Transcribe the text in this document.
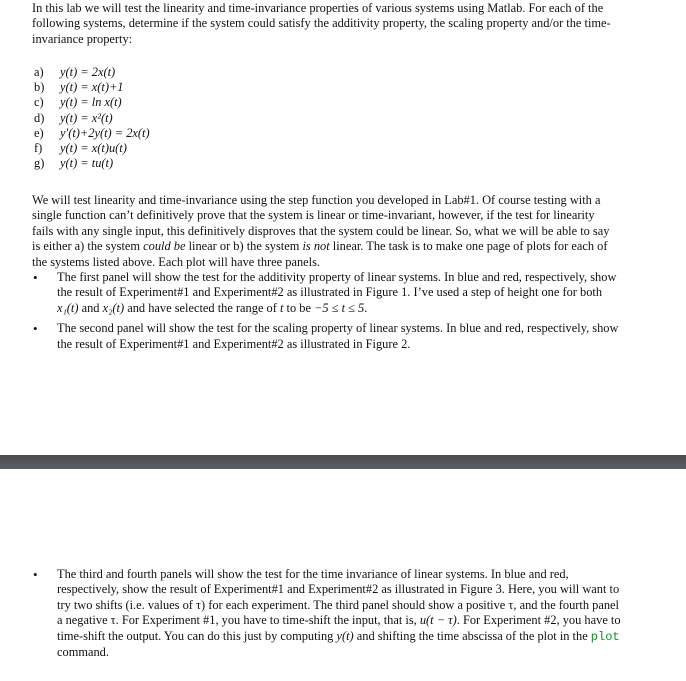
In this lab we will test the linearity and time-invariance properties of various systems using Matlab. For each of the following systems, determine if the system could satisfy the additivity property, the scaling property and/or the time-invariance property:

a) y(t) = 2x(t)
b) y(t) = x(t)+1
c) y(t) = ln x(t)
d) y(t) = x²(t)
e) y′(t)+2y(t) = 2x(t)
f) y(t) = x(t)u(t)
g) y(t) = tu(t)

We will test linearity and time-invariance using the step function you developed in Lab#1. Of course testing with a single function can’t definitively prove that the system is linear or time-invariant, however, if the test for linearity fails with any single input, this definitively disproves that the system could be linear. So, what we will be able to say is either a) the system could be linear or b) the system is not linear. The task is to make one page of plots for each of the systems listed above. Each plot will have three panels.

• The first panel will show the test for the additivity property of linear systems. In blue and red, respectively, show the result of Experiment#1 and Experiment#2 as illustrated in Figure 1. I’ve used a step of height one for both x₁(t) and x₂(t) and have selected the range of t to be −5 ≤ t ≤ 5.
• The second panel will show the test for the scaling property of linear systems. In blue and red, respectively, show the result of Experiment#1 and Experiment#2 as illustrated in Figure 2.
• The third and fourth panels will show the test for the time invariance of linear systems. In blue and red, respectively, show the result of Experiment#1 and Experiment#2 as illustrated in Figure 3. Here, you will want to try two shifts (i.e. values of τ) for each experiment. The third panel should show a positive τ, and the fourth panel a negative τ. For Experiment #1, you have to time-shift the input, that is, u(t − τ). For Experiment #2, you have to time-shift the output. You can do this just by computing y(t) and shifting the time abscissa of the plot in the plot command.
